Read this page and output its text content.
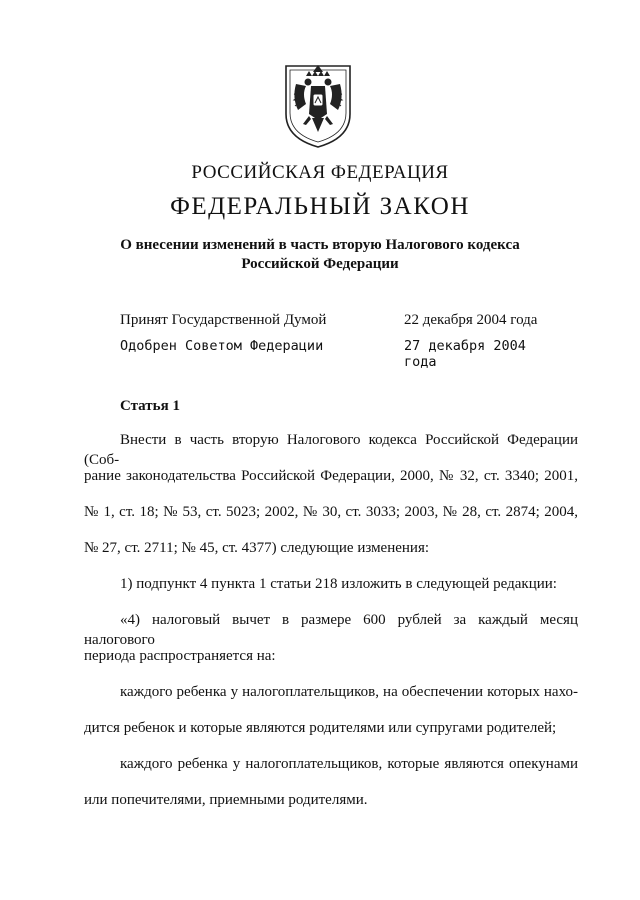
РОССИЙСКАЯ ФЕДЕРАЦИЯ
ФЕДЕРАЛЬНЫЙ ЗАКОН
О внесении изменений в часть вторую Налогового кодекса
Российской Федерации
Принят Государственной Думой	22 декабря 2004 года
Одобрен Советом Федерации	27 декабря 2004 года
Статья 1
Внести в часть вторую Налогового кодекса Российской Федерации (Соб-
рание законодательства Российской Федерации, 2000, № 32, ст. 3340; 2001,
№ 1, ст. 18; № 53, ст. 5023; 2002, № 30, ст. 3033; 2003, № 28, ст. 2874; 2004,
№ 27, ст. 2711; № 45, ст. 4377) следующие изменения:
1) подпункт 4 пункта 1 статьи 218 изложить в следующей редакции:
«4) налоговый вычет в размере 600 рублей за каждый месяц налогового
периода распространяется на:
каждого ребенка у налогоплательщиков, на обеспечении которых нахо-
дится ребенок и которые являются родителями или супругами родителей;
каждого ребенка у налогоплательщиков, которые являются опекунами
или попечителями, приемными родителями.
